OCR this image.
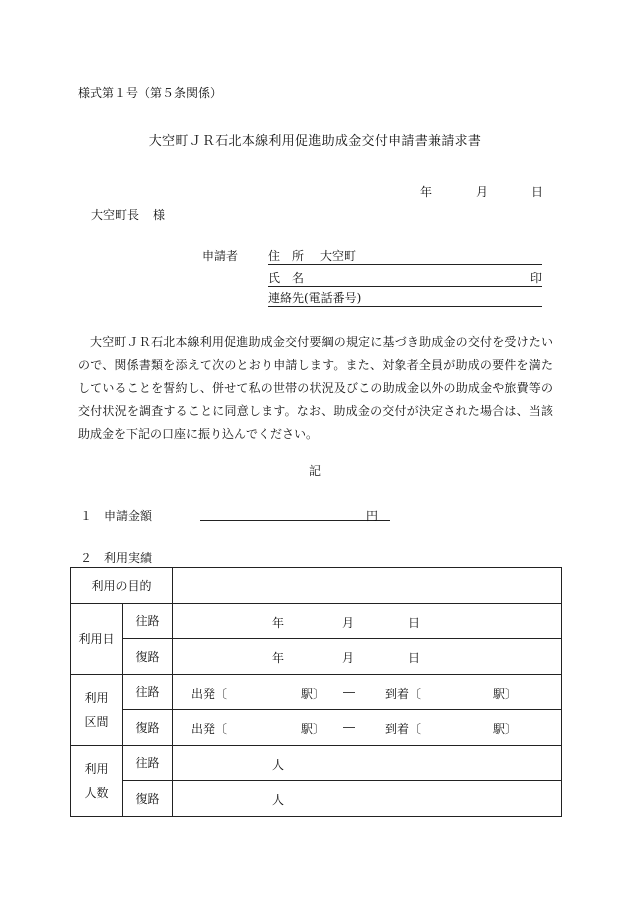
様式第１号（第５条関係）
大空町ＪＲ石北本線利用促進助成金交付申請書兼請求書
年	月	日
大空町長 様
申請者 住　所 大空町
氏　名	印
連絡先(電話番号)
大空町ＪＲ石北本線利用促進助成金交付要綱の規定に基づき助成金の交付を受けたいので、関係書類を添えて次のとおり申請します。また、対象者全員が助成の要件を満たしていることを誓約し、併せて私の世帯の状況及びこの助成金以外の助成金や旅費等の交付状況を調査することに同意します。なお、助成金の交付が決定された場合は、当該助成金を下記の口座に振り込んでください。
記
１ 申請金額	円
２ 利用実績
利用の目的		
利用日	往路	年 月 日

	復路	年 月 日

利用
区間	往路	出発〔 駅〕 ― 到着〔 駅〕

	復路	出発〔 駅〕 ― 到着〔 駅〕

利用
人数	往路	人

	復路	人
